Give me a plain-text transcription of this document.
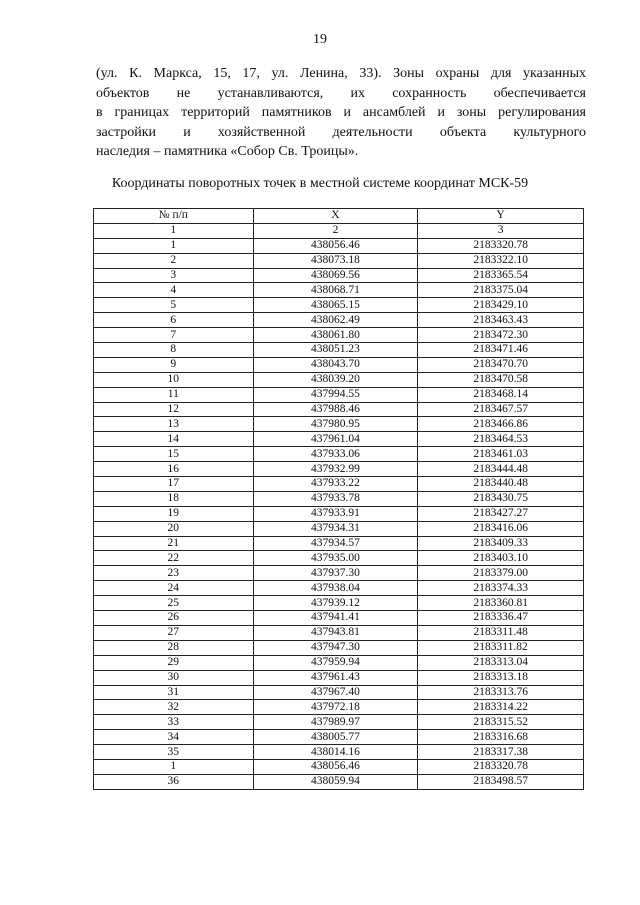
19
(ул. К. Маркса, 15, 17, ул. Ленина, 33). Зоны охраны для указанных
объектов не устанавливаются, их сохранность обеспечивается
в границах территорий памятников и ансамблей и зоны регулирования
застройки и хозяйственной деятельности объекта культурного
наследия – памятника «Собор Св. Троицы».
Координаты поворотных точек в местной системе координат МСК-59
№ п/п	X	Y
1	2	3
1	438056.46	2183320.78
2	438073.18	2183322.10
3	438069.56	2183365.54
4	438068.71	2183375.04
5	438065.15	2183429.10
6	438062.49	2183463.43
7	438061.80	2183472.30
8	438051.23	2183471.46
9	438043.70	2183470.70
10	438039.20	2183470.58
11	437994.55	2183468.14
12	437988.46	2183467.57
13	437980.95	2183466.86
14	437961.04	2183464.53
15	437933.06	2183461.03
16	437932.99	2183444.48
17	437933.22	2183440.48
18	437933.78	2183430.75
19	437933.91	2183427.27
20	437934.31	2183416.06
21	437934.57	2183409.33
22	437935.00	2183403.10
23	437937.30	2183379.00
24	437938.04	2183374.33
25	437939.12	2183360.81
26	437941.41	2183336.47
27	437943.81	2183311.48
28	437947.30	2183311.82
29	437959.94	2183313.04
30	437961.43	2183313.18
31	437967.40	2183313.76
32	437972.18	2183314.22
33	437989.97	2183315.52
34	438005.77	2183316.68
35	438014.16	2183317.38
1	438056.46	2183320.78
36	438059.94	2183498.57
